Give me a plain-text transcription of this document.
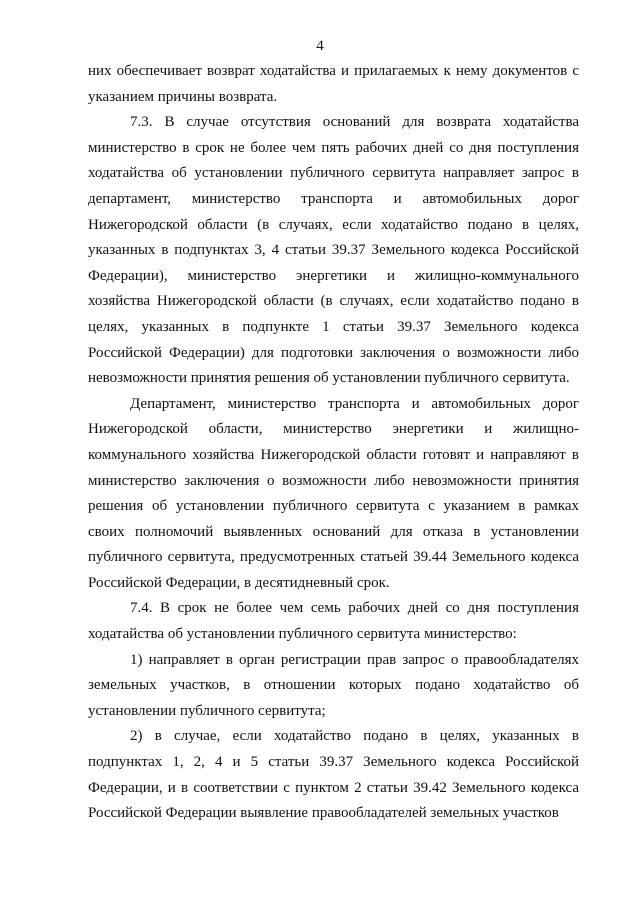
4

них обеспечивает возврат ходатайства и прилагаемых к нему документов с указанием причины возврата.

7.3. В случае отсутствия оснований для возврата ходатайства министерство в срок не более чем пять рабочих дней со дня поступления ходатайства об установлении публичного сервитута направляет запрос в департамент, министерство транспорта и автомобильных дорог Нижегородской области (в случаях, если ходатайство подано в целях, указанных в подпунктах 3, 4 статьи 39.37 Земельного кодекса Российской Федерации), министерство энергетики и жилищно-коммунального хозяйства Нижегородской области (в случаях, если ходатайство подано в целях, указанных в подпункте 1 статьи 39.37 Земельного кодекса Российской Федерации) для подготовки заключения о возможности либо невозможности принятия решения об установлении публичного сервитута.

Департамент, министерство транспорта и автомобильных дорог Нижегородской области, министерство энергетики и жилищно-коммунального хозяйства Нижегородской области готовят и направляют в министерство заключения о возможности либо невозможности принятия решения об установлении публичного сервитута с указанием в рамках своих полномочий выявленных оснований для отказа в установлении публичного сервитута, предусмотренных статьей 39.44 Земельного кодекса Российской Федерации, в десятидневный срок.

7.4. В срок не более чем семь рабочих дней со дня поступления ходатайства об установлении публичного сервитута министерство:

1) направляет в орган регистрации прав запрос о правообладателях земельных участков, в отношении которых подано ходатайство об установлении публичного сервитута;

2) в случае, если ходатайство подано в целях, указанных в подпунктах 1, 2, 4 и 5 статьи 39.37 Земельного кодекса Российской Федерации, и в соответствии с пунктом 2 статьи 39.42 Земельного кодекса Российской Федерации выявление правообладателей земельных участков
